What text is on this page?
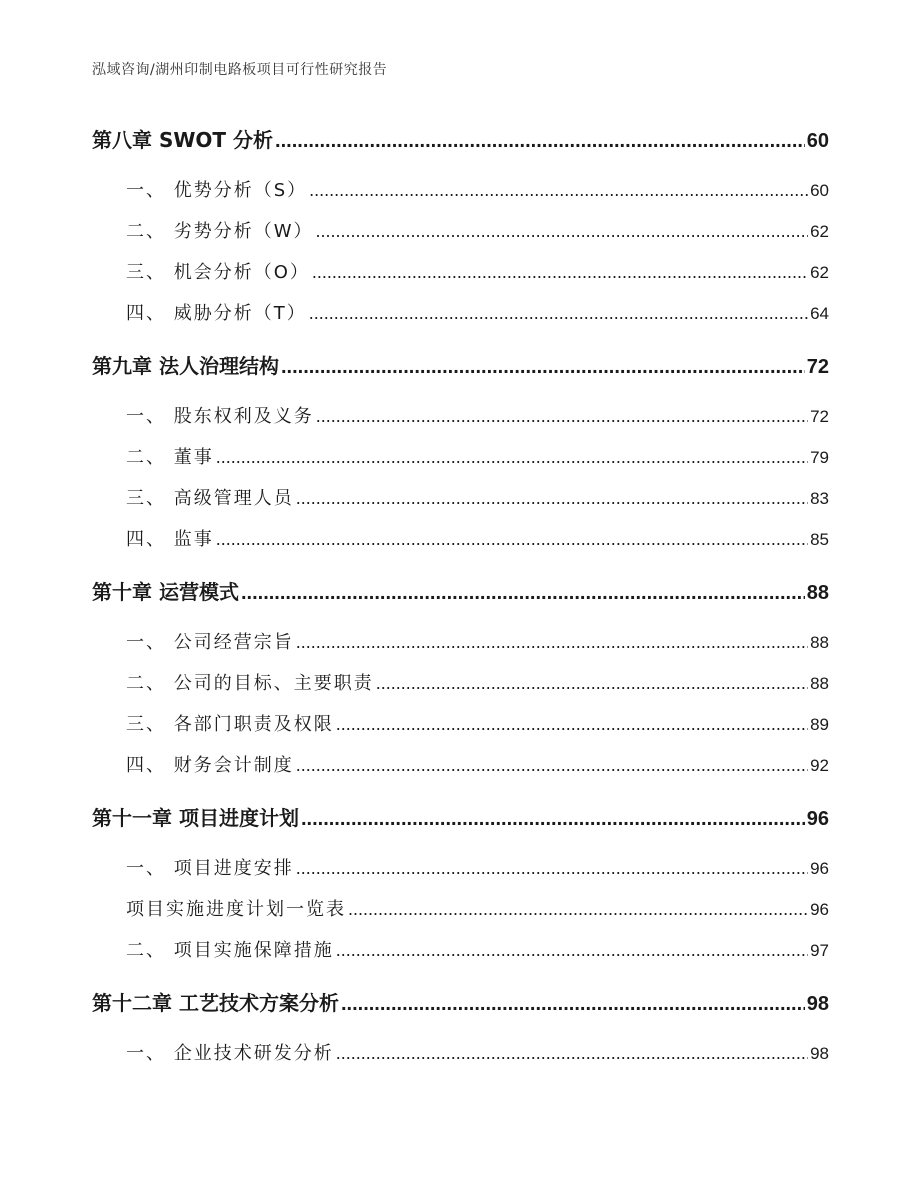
泓域咨询/湖州印制电路板项目可行性研究报告
第八章 SWOT 分析 .....	60
一、 优势分析（S） .....	60
二、 劣势分析（W） .....	62
三、 机会分析（O） .....	62
四、 威胁分析（T） .....	64
第九章 法人治理结构 .....	72
一、 股东权利及义务 .....	72
二、 董事 .....	79
三、 高级管理人员 .....	83
四、 监事 .....	85
第十章 运营模式 .....	88
一、 公司经营宗旨 .....	88
二、 公司的目标、主要职责 .....	88
三、 各部门职责及权限 .....	89
四、 财务会计制度 .....	92
第十一章 项目进度计划 .....	96
一、 项目进度安排 .....	96
项目实施进度计划一览表 .....	96
二、 项目实施保障措施 .....	97
第十二章 工艺技术方案分析 .....	98
一、 企业技术研发分析 .....	98
